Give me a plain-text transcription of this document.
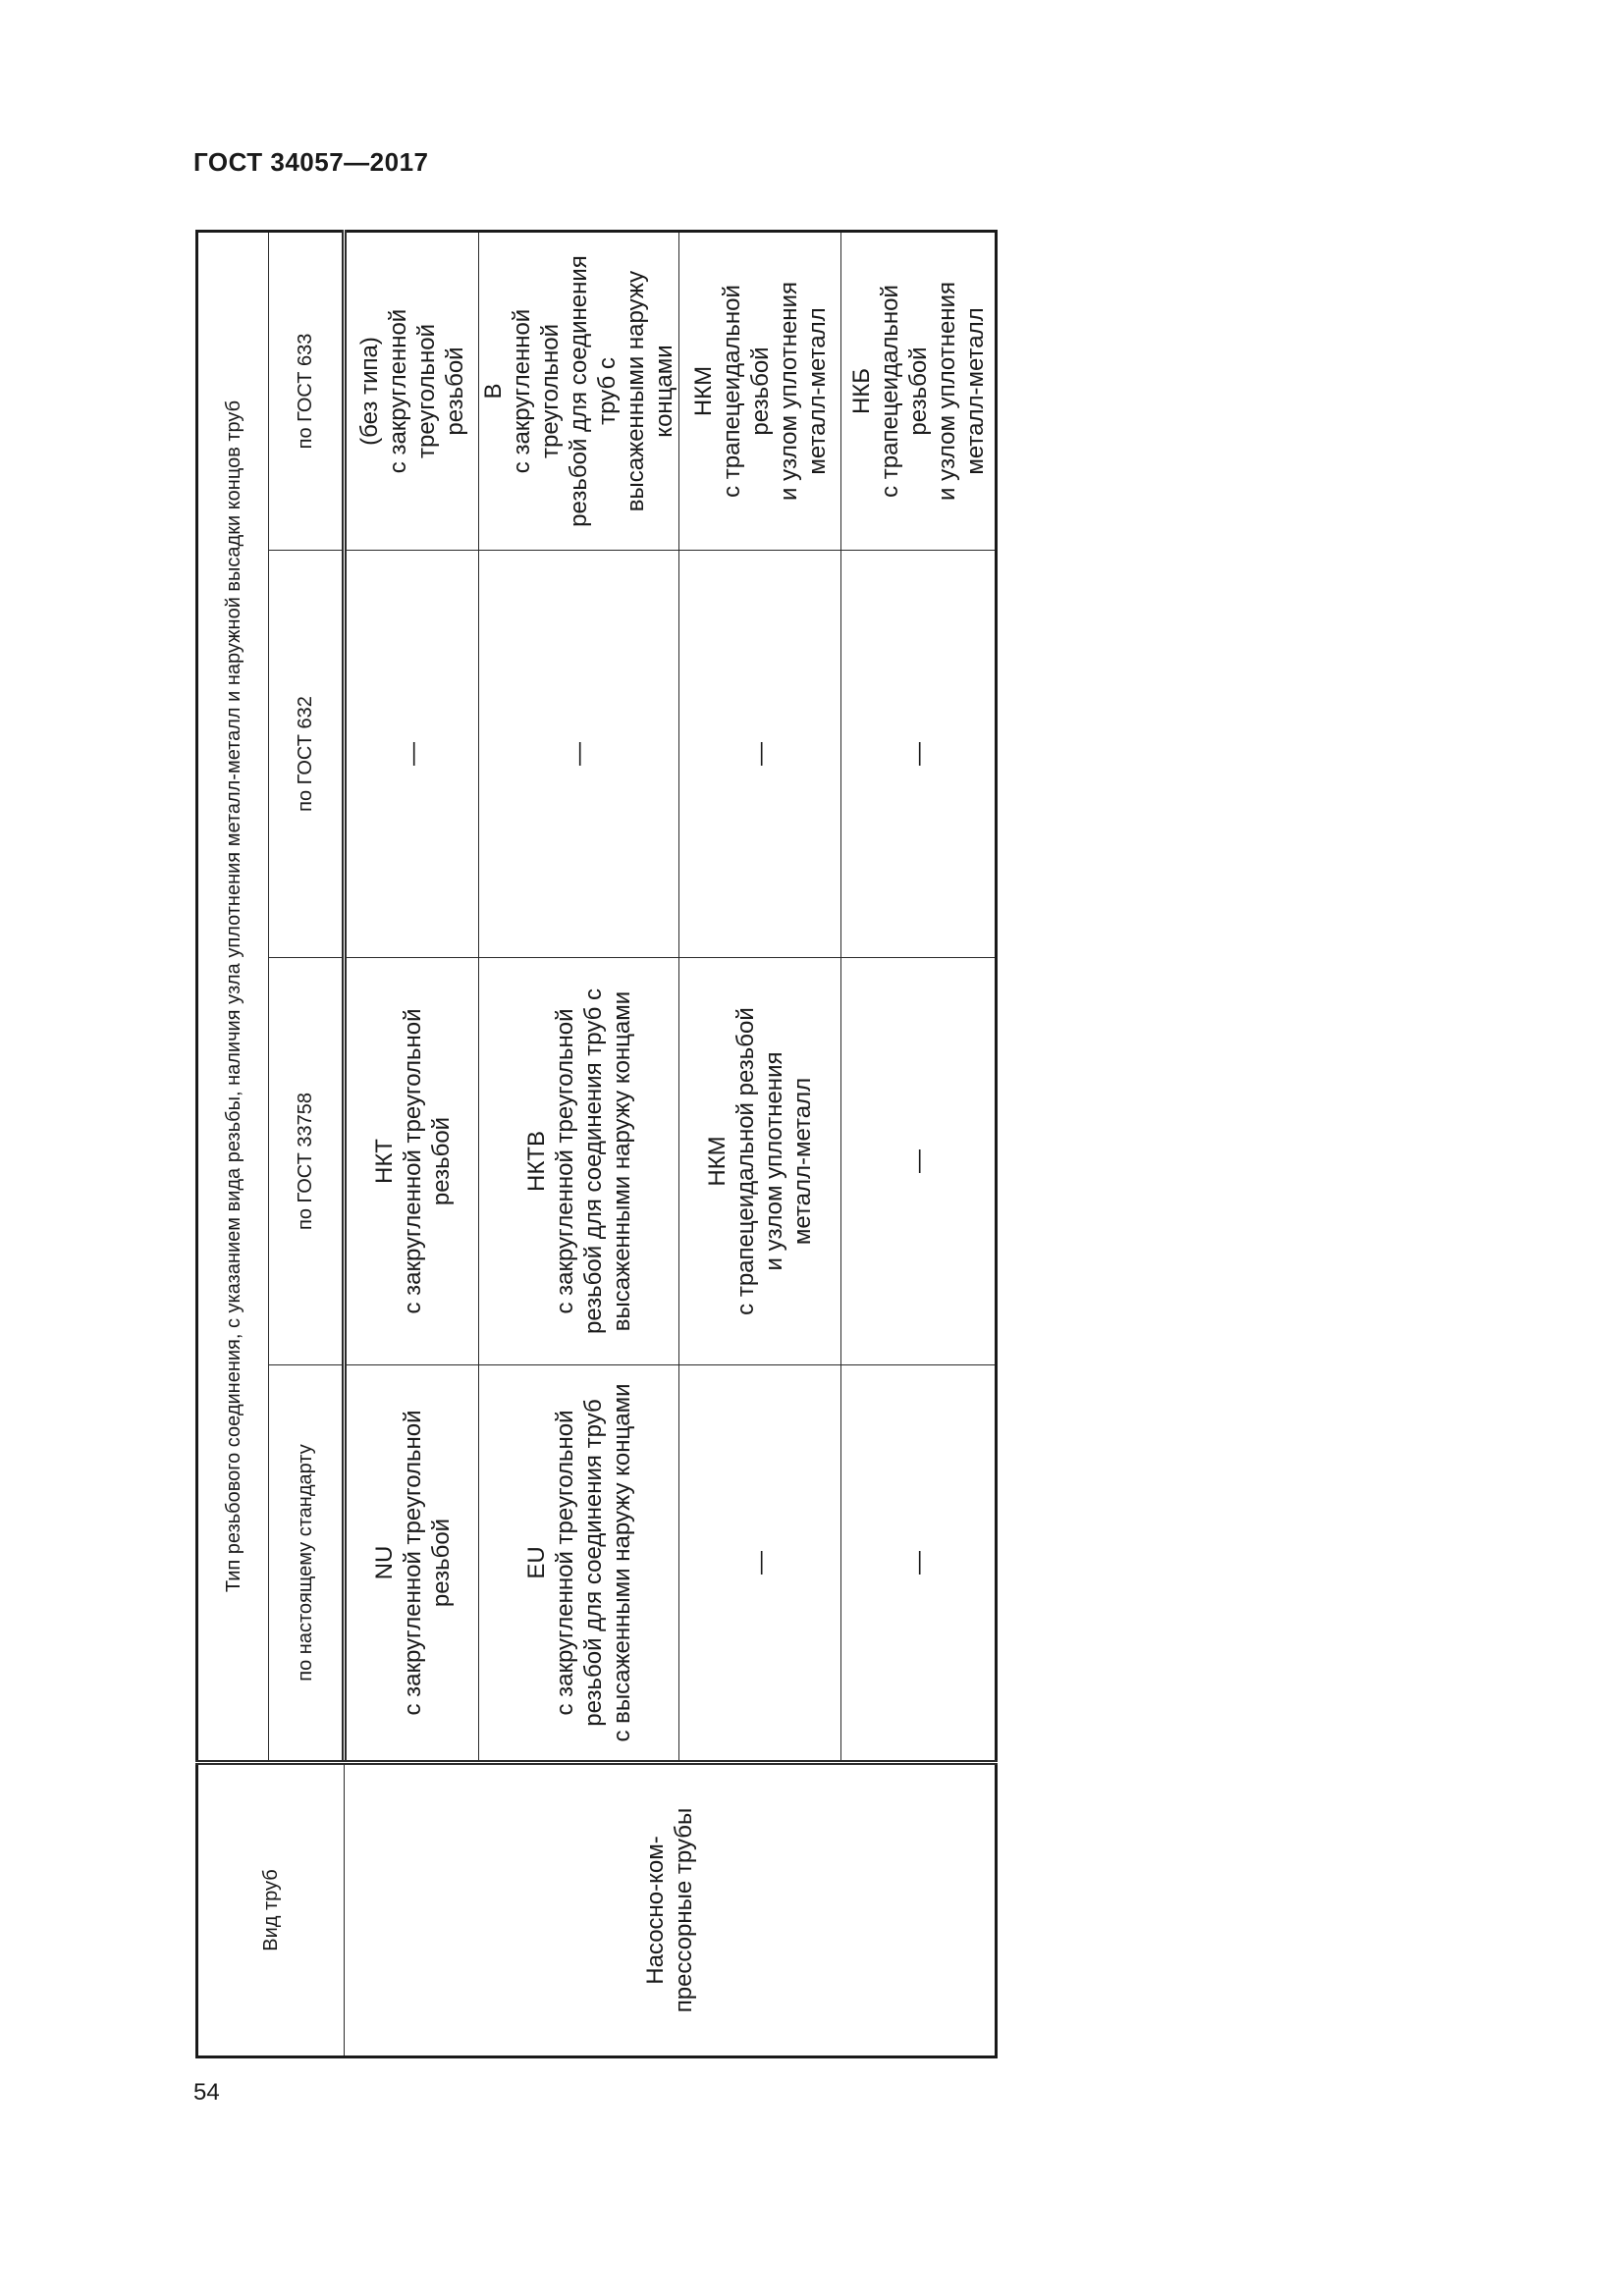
ГОСТ 34057—2017
Вид труб	Тип резьбового соединения, с указанием вида резьбы, наличия узла уплотнения металл-металл и наружной высадки концов труб			
	по настоящему стандарту	по ГОСТ 33758	по ГОСТ 632	по ГОСТ 633
Насосно-ком-прессорные трубы	NU с закругленной треугольной резьбой	НКТ с закругленной треугольной резьбой	—	(без типа) с закругленной треугольной резьбой

	EU с закругленной треугольной резьбой для соединения труб с высаженными наружу концами	НКТВ с закругленной треугольной резьбой для соединения труб с высаженными наружу концами	—	В с закругленной треугольной резьбой для соединения труб с высаженными наружу концами

	—	НКМ с трапецеидальной резьбой и узлом уплотнения металл-металл	—	НКМ с трапецеидальной резьбой и узлом уплотнения металл-металл

	—	—	—	НКБ с трапецеидальной резьбой и узлом уплотнения металл-металл
54
